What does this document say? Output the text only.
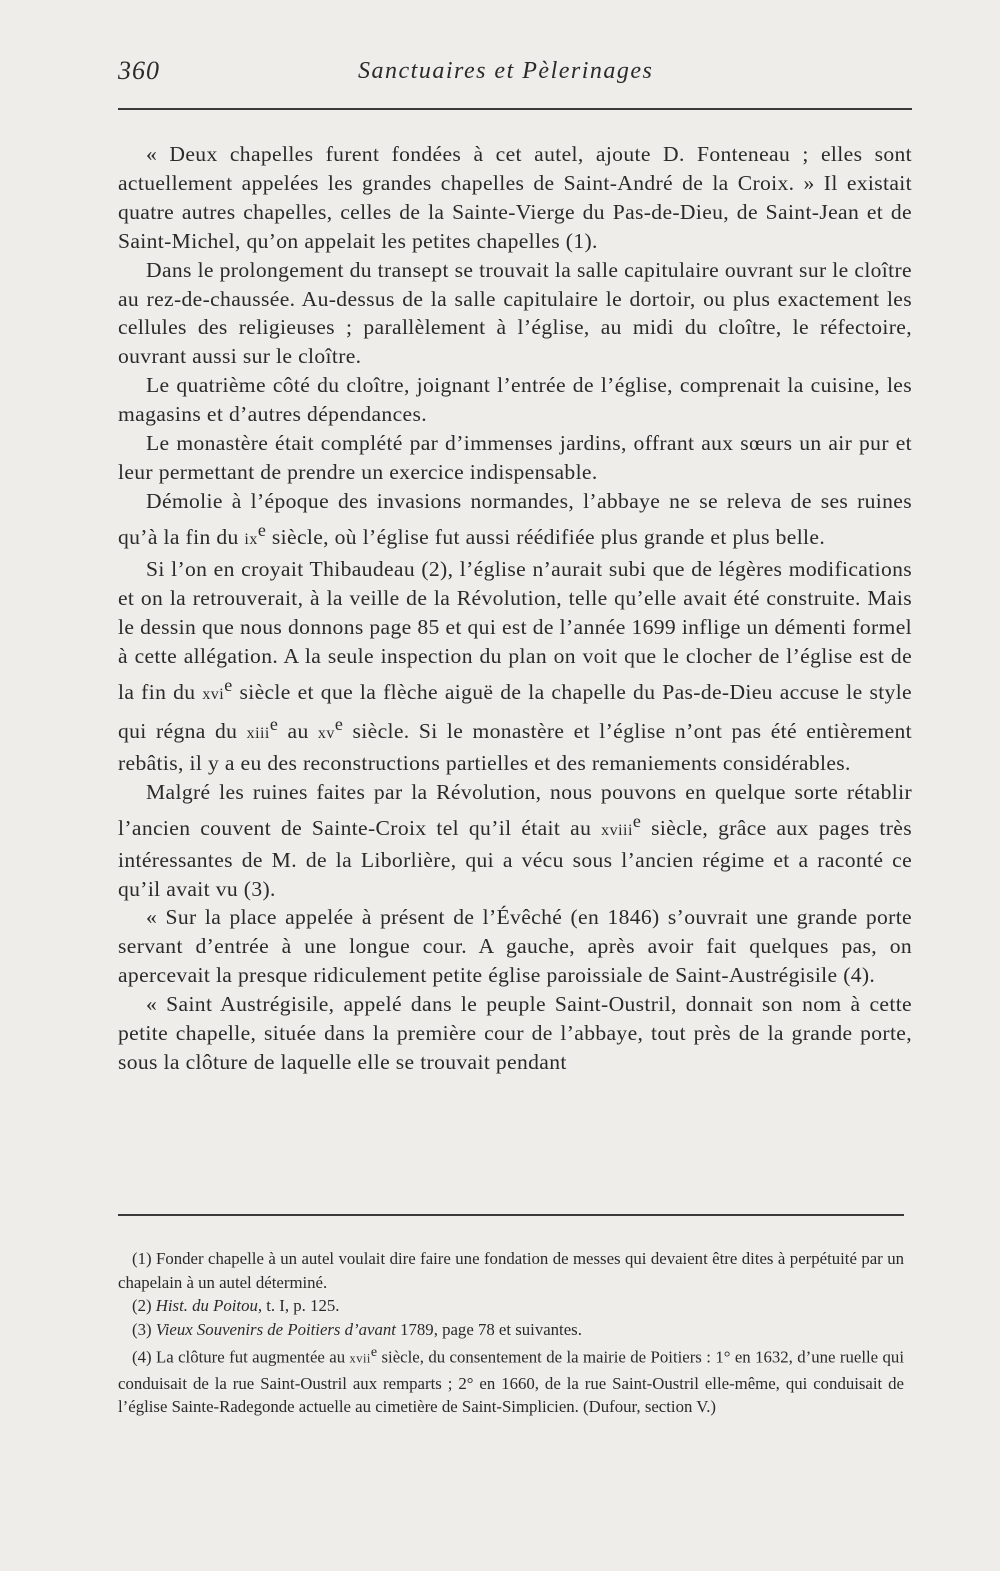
360	Sanctuaires et Pèlerinages

« Deux chapelles furent fondées à cet autel, ajoute D. Fonteneau ; elles sont actuellement appelées les grandes chapelles de Saint-André de la Croix. » Il existait quatre autres chapelles, celles de la Sainte-Vierge du Pas-de-Dieu, de Saint-Jean et de Saint-Michel, qu’on appelait les petites chapelles (1).

Dans le prolongement du transept se trouvait la salle capitulaire ouvrant sur le cloître au rez-de-chaussée. Au-dessus de la salle capitulaire le dortoir, ou plus exactement les cellules des religieuses ; parallèlement à l’église, au midi du cloître, le réfectoire, ouvrant aussi sur le cloître.

Le quatrième côté du cloître, joignant l’entrée de l’église, comprenait la cuisine, les magasins et d’autres dépendances.

Le monastère était complété par d’immenses jardins, offrant aux sœurs un air pur et leur permettant de prendre un exercice indispensable.

Démolie à l’époque des invasions normandes, l’abbaye ne se releva de ses ruines qu’à la fin du $ix^e$ siècle, où l’église fut aussi réédifiée plus grande et plus belle.

Si l’on en croyait Thibaudeau (2), l’église n’aurait subi que de légères modifications et on la retrouverait, à la veille de la Révolution, telle qu’elle avait été construite. Mais le dessin que nous donnons page 85 et qui est de l’année 1699 inflige un démenti formel à cette allégation. A la seule inspection du plan on voit que le clocher de l’église est de la fin du xvi$^e$ siècle et que la flèche aiguë de la chapelle du Pas-de-Dieu accuse le style qui régna du xiii$^e$ au $xv^e$ siècle. Si le monastère et l’église n’ont pas été entièrement rebâtis, il y a eu des reconstructions partielles et des remaniements considérables.

Malgré les ruines faites par la Révolution, nous pouvons en quelque sorte rétablir l’ancien couvent de Sainte-Croix tel qu’il était au xviii$^e$ siècle, grâce aux pages très intéressantes de M. de la Liborlière, qui a vécu sous l’ancien régime et a raconté ce qu’il avait vu (3).

« Sur la place appelée à présent de l’Évêché (en 1846) s’ouvrait une grande porte servant d’entrée à une longue cour. A gauche, après avoir fait quelques pas, on apercevait la presque ridiculement petite église paroissiale de Saint-Austrégisile (4).

« Saint Austrégisile, appelé dans le peuple Saint-Oustril, donnait son nom à cette petite chapelle, située dans la première cour de l’abbaye, tout près de la grande porte, sous la clôture de laquelle elle se trouvait pendant

(1) Fonder chapelle à un autel voulait dire faire une fondation de messes qui devaient être dites à perpétuité par un chapelain à un autel déterminé.

(2) Hist. du Poitou, t. I, p. 125.

(3) Vieux Souvenirs de Poitiers d’avant 1789, page 78 et suivantes.

(4) La clôture fut augmentée au xvii$^e$ siècle, du consentement de la mairie de Poitiers : 1° en 1632, d’une ruelle qui conduisait de la rue Saint-Oustril aux remparts ; 2° en 1660, de la rue Saint-Oustril elle-même, qui conduisait de l’église Sainte-Radegonde actuelle au cimetière de Saint-Simplicien. (Dufour, section V.)
